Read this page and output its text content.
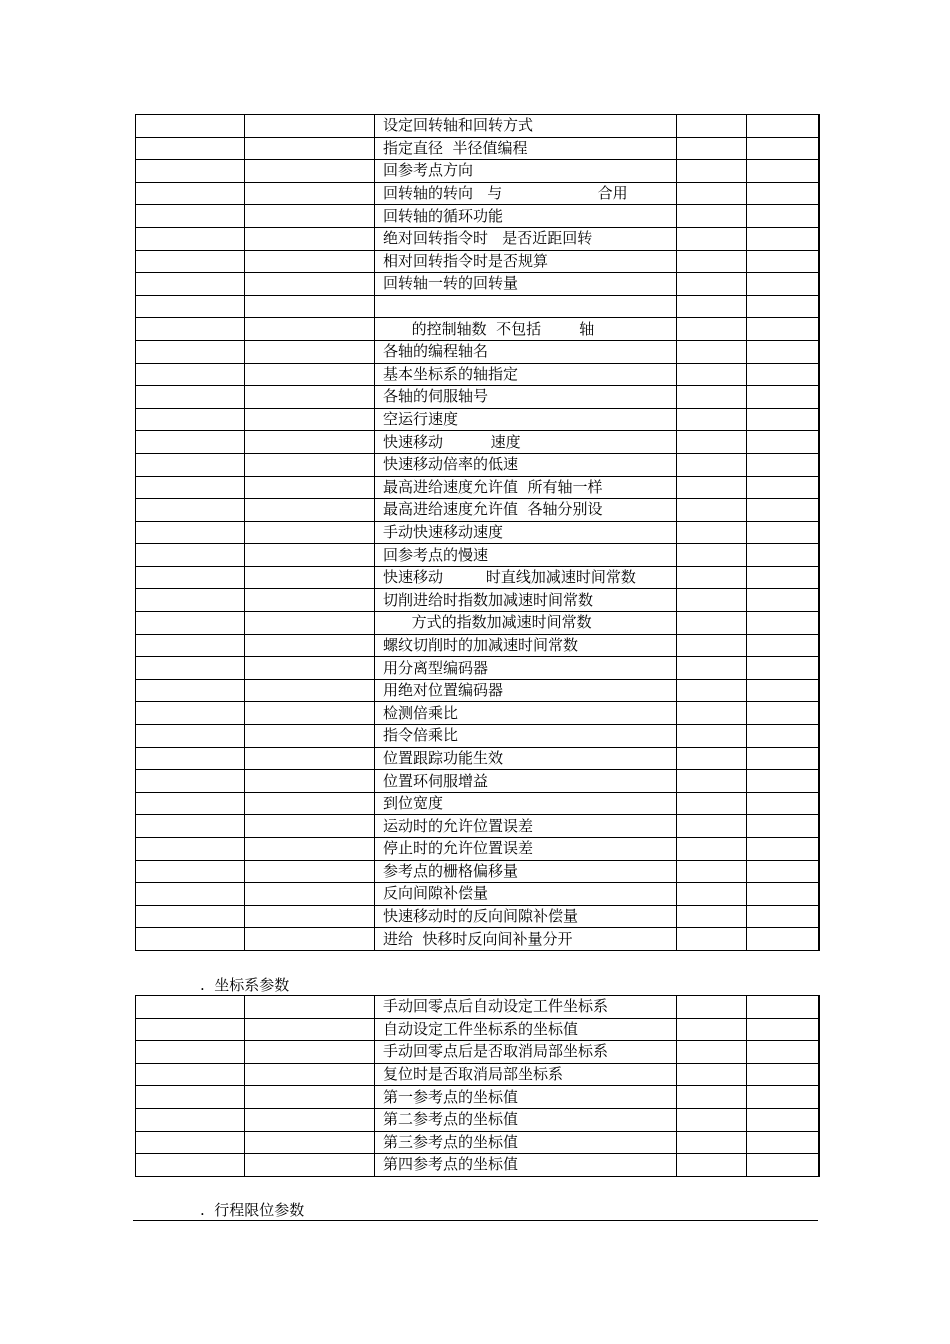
		设定回转轴和回转方式		
		指定直径  半径值编程		
		回参考点方向		
		回转轴的转向   与                    合用		
		回转轴的循环功能		
		绝对回转指令时   是否近距回转		
		相对回转指令时是否规算		
		回转轴一转的回转量		

		的控制轴数  不包括        轴		
		各轴的编程轴名		
		基本坐标系的轴指定		
		各轴的伺服轴号		
		空运行速度		
		快速移动          速度		
		快速移动倍率的低速		
		最高进给速度允许值  所有轴一样		
		最高进给速度允许值  各轴分别设		
		手动快速移动速度		
		回参考点的慢速		
		快速移动         时直线加减速时间常数		
		切削进给时指数加减速时间常数		
		方式的指数加减速时间常数		
		螺纹切削时的加减速时间常数		
		用分离型编码器		
		用绝对位置编码器		
		检测倍乘比		
		指令倍乘比		
		位置跟踪功能生效		
		位置环伺服增益		
		到位宽度		
		运动时的允许位置误差		
		停止时的允许位置误差		
		参考点的栅格偏移量		
		反向间隙补偿量		
		快速移动时的反向间隙补偿量		
		进给  快移时反向间补量分开		
.  坐标系参数
		手动回零点后自动设定工件坐标系		
		自动设定工件坐标系的坐标值		
		手动回零点后是否取消局部坐标系		
		复位时是否取消局部坐标系		
		第一参考点的坐标值		
		第二参考点的坐标值		
		第三参考点的坐标值		
		第四参考点的坐标值		
.  行程限位参数
